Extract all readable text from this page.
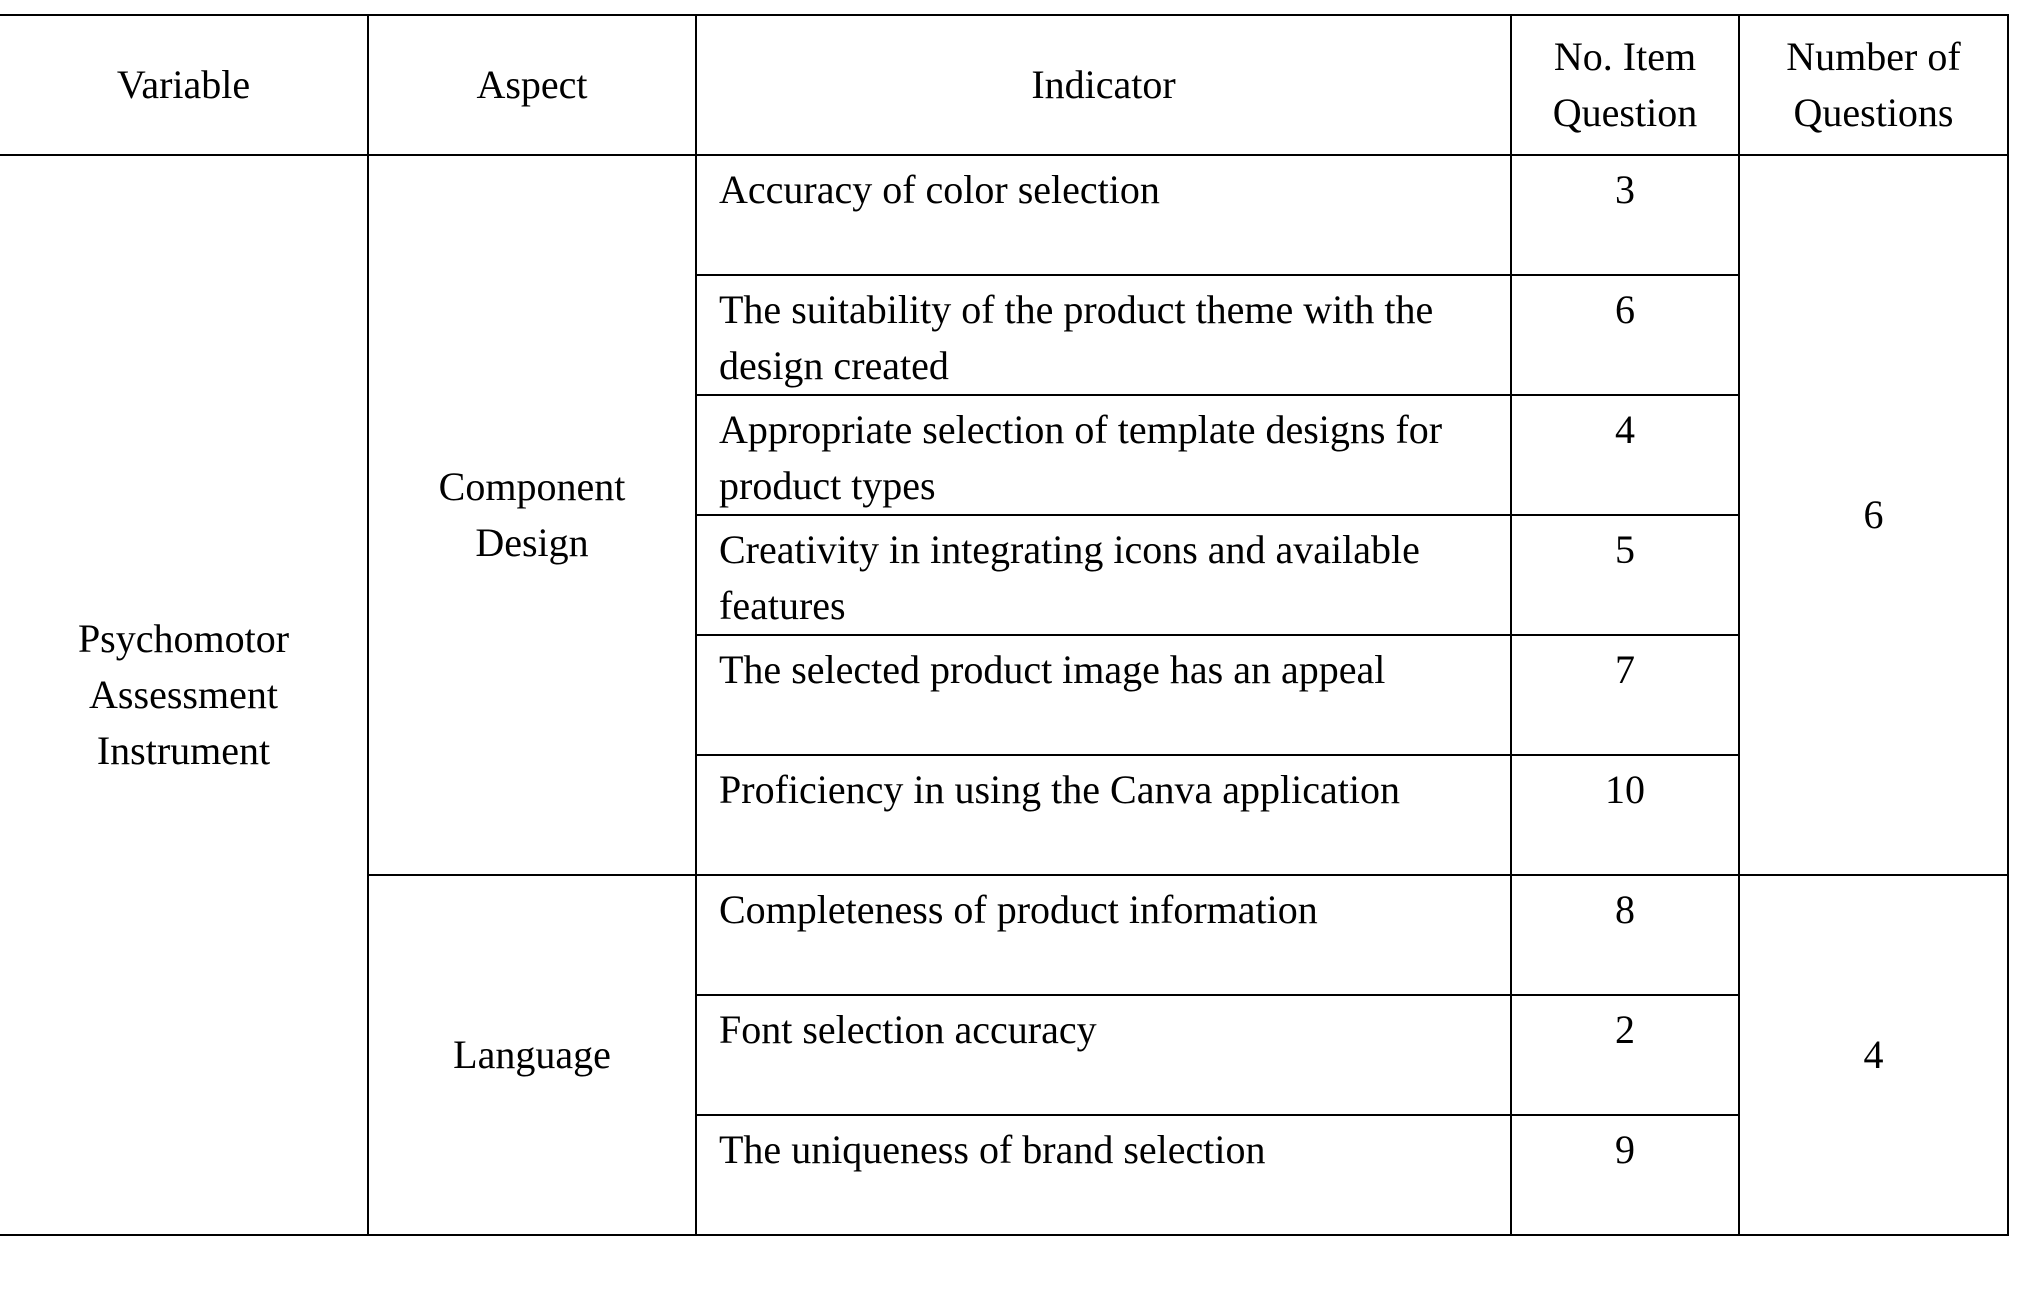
Variable	Aspect	Indicator	No. Item Question	Number of Questions

Psychomotor Assessment Instrument	Component Design	Accuracy of color selection	3	6
		The suitability of the product theme with the design created	6	
		Appropriate selection of template designs for product types	4	
		Creativity in integrating icons and available features	5	
		The selected product image has an appeal	7	
		Proficiency in using the Canva application	10	
	Language	Completeness of product information	8	4
		Font selection accuracy	2	
		The uniqueness of brand selection	9	
